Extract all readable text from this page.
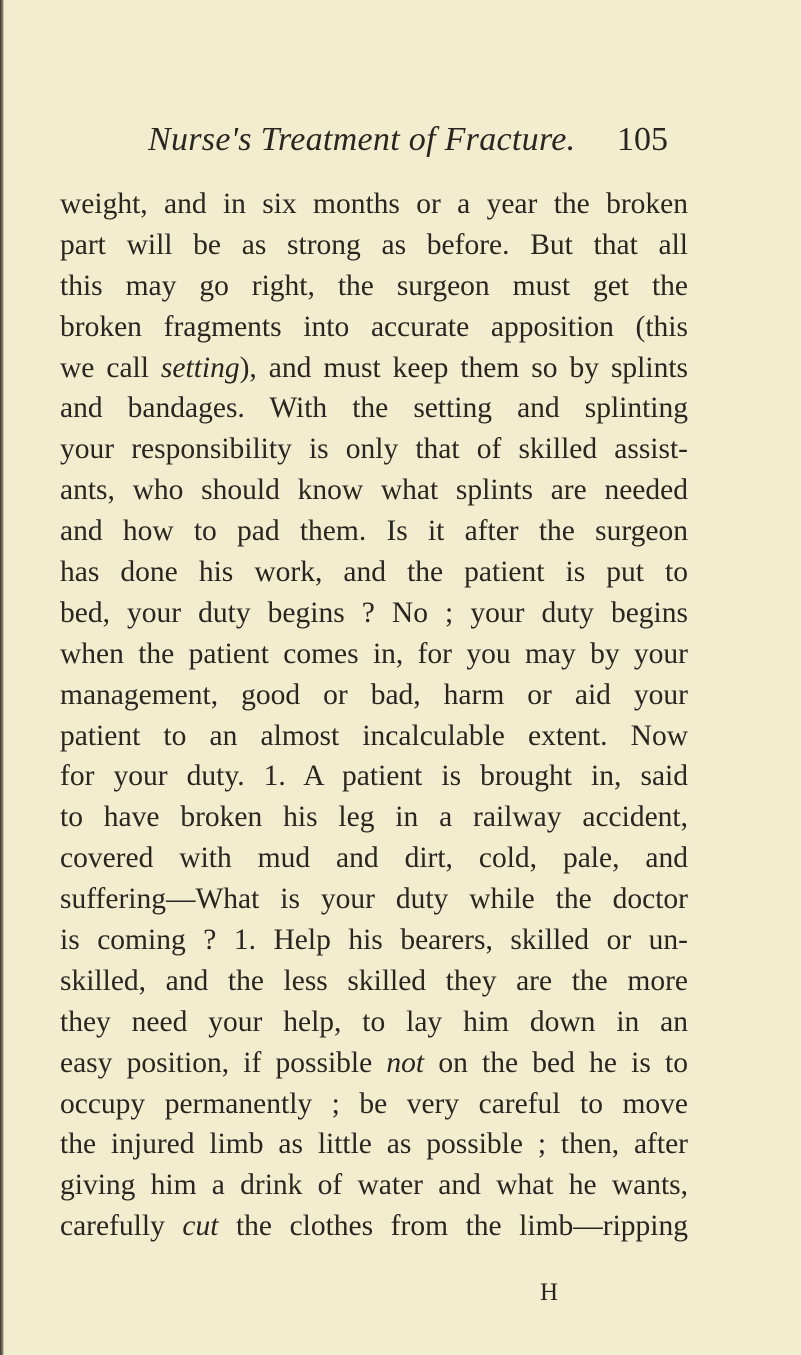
Nurse's Treatment of Fracture. 105
weight, and in six months or a year the broken
part will be as strong as before. But that all
this may go right, the surgeon must get the
broken fragments into accurate apposition (this
we call setting), and must keep them so by splints
and bandages. With the setting and splinting
your responsibility is only that of skilled assist-
ants, who should know what splints are needed
and how to pad them. Is it after the surgeon
has done his work, and the patient is put to
bed, your duty begins ? No ; your duty begins
when the patient comes in, for you may by your
management, good or bad, harm or aid your
patient to an almost incalculable extent. Now
for your duty. 1. A patient is brought in, said
to have broken his leg in a railway accident,
covered with mud and dirt, cold, pale, and
suffering—What is your duty while the doctor
is coming ? 1. Help his bearers, skilled or un-
skilled, and the less skilled they are the more
they need your help, to lay him down in an
easy position, if possible not on the bed he is to
occupy permanently ; be very careful to move
the injured limb as little as possible ; then, after
giving him a drink of water and what he wants,
carefully cut the clothes from the limb—ripping
H
